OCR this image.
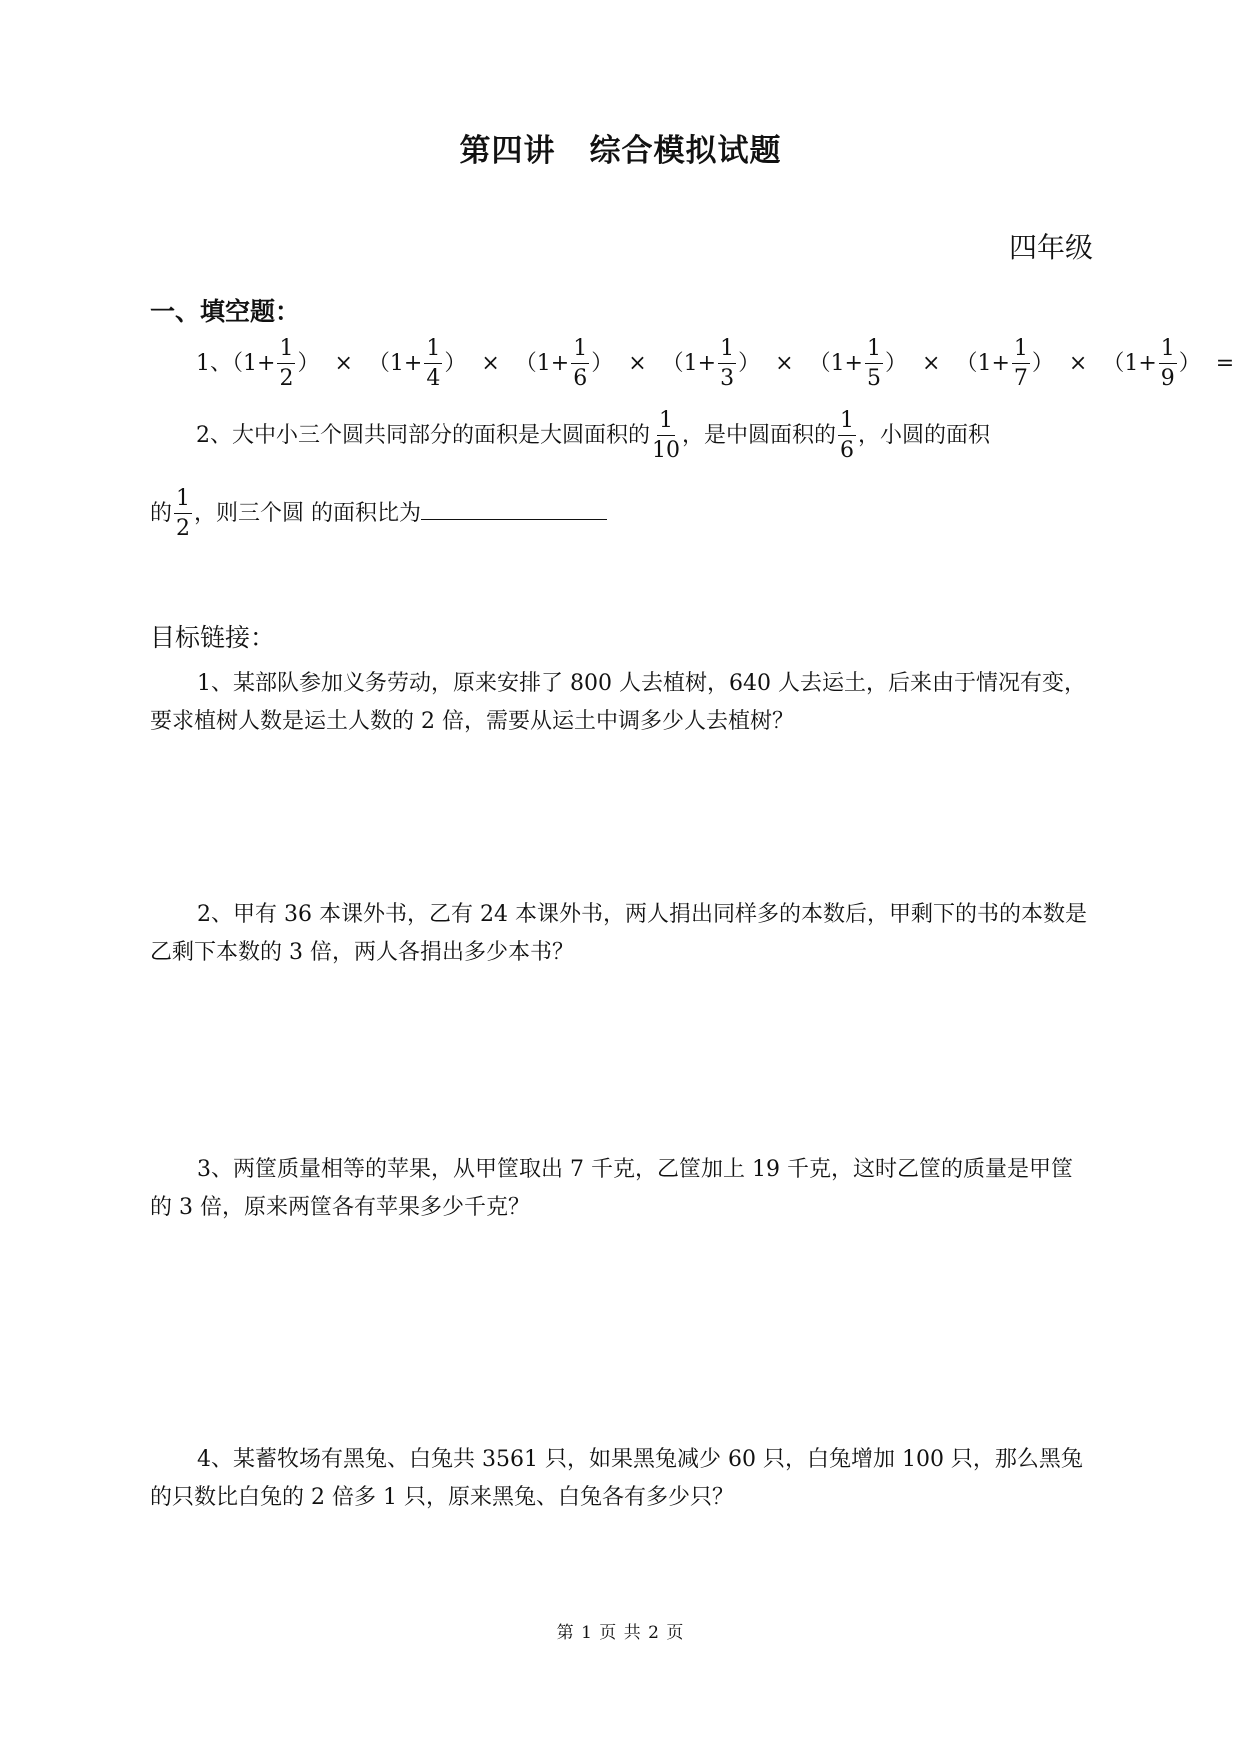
第四讲 综合模拟试题
四年级
一、填空题：
1、（$1+ \frac{1}{2}$ ） × （$1+ \frac{1}{4}$ ） × （$1+ \frac{1}{6}$ ） × （$1+ \frac{1}{3}$ ） × （$1+ \frac{1}{5}$ ） × （$1+ \frac{1}{7}$ ） × （$1+ \frac{1}{9}$ ） =
2、大中小三个圆共同部分的面积是大圆面积的 $\frac{1}{10}$ ，是中圆面积的 $\frac{1}{6}$ ，小圆的面积
的 $\frac{1}{2}$ ，则三个圆 的面积比为
目标链接：
1、某部队参加义务劳动，原来安排了 800 人去植树，640 人去运土，后来由于情况有变，要求植树人数是运土人数的 2 倍，需要从运土中调多少人去植树？
2、甲有 36 本课外书，乙有 24 本课外书，两人捐出同样多的本数后，甲剩下的书的本数是乙剩下本数的 3 倍，两人各捐出多少本书？
3、两筐质量相等的苹果，从甲筐取出 7 千克，乙筐加上 19 千克，这时乙筐的质量是甲筐的 3 倍，原来两筐各有苹果多少千克？
4、某蓄牧场有黑兔、白兔共 3561 只，如果黑兔减少 60 只，白兔增加 100 只，那么黑兔的只数比白兔的 2 倍多 1 只，原来黑兔、白兔各有多少只？
第 1 页 共 2 页
